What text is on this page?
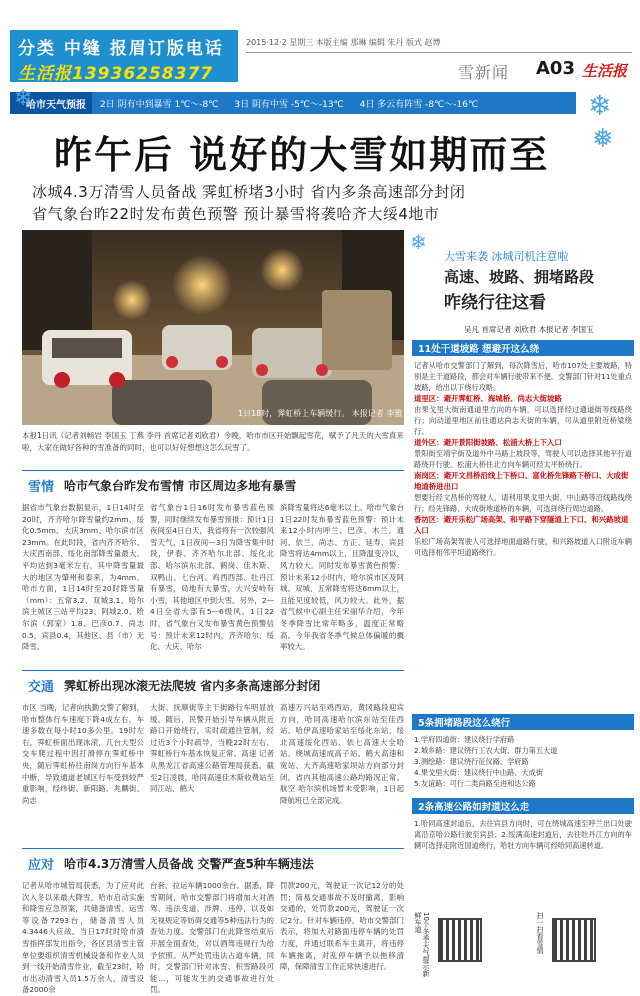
分类 中缝 报眉订版电话
生活报13936258377
2015·12·2 星期三 本版主编 那琳 编辑 朱丹 版式 赵博
雪新闻 A03 生活报
哈市天气预报	2日 阴有中到暴雪 1℃～-8℃	3日 阴有中雪 -5℃～-13℃	4日 多云有阵雪 -8℃～-16℃
❄	❄
❅
昨午后 说好的大雪如期而至
冰城4.3万清雪人员备战 霁虹桥堵3小时 省内多条高速部分封闭
省气象台昨22时发布黄色预警 预计暴雪将袭哈齐大绥4地市
1日18时，霁虹桥上车辆缓行。 本报记者 李雅 摄
本报1日讯（记者刘畅岩 李国玉 丁燕 李丹 首席记者刘欣君）今晚，哈市市区开始飘起雪花，赋予了凡天的大雪真来啦，大家在做好各种的雪准备的同时，也可以好好想想这怎么玩雪了。
雪情 哈市气象台昨发布雪情 市区周边多地有暴雪
据省市气象台数据显示，1日14时至20时，齐齐哈尔降雪量约2mm、绥化0.5mm、大庆3mm、哈尔滨市区23mm。在此时段，省内齐齐哈尔、大庆西南部、绥化南部降雪量最大。平均达到3毫米左右，其中降雪量最大的地区为肇州和泰来，为4mm。哈市方面，1日14时至20时降雪量（mm）：五常3.2、双城3.1、哈尔滨主城区三站平均23、阿城2.0、哈尔滨（郭家）1.8、巴彦0.7、尚志0.5，宾县0.4，其他区、县（市）无降雪。
省气象台1日16时发布暴雪蓝色预警，同时继续发布暴雪预报：预计1日夜间至4日白天，我省将有一次较强风雪天气，1日夜间—3日为降雪集中时段，伊春、齐齐哈尔北部、绥化北部、哈尔滨东北部、鹤岗、佳木斯、双鸭山、七台河、鸡西西部、牡丹江有暴雪，局地有大暴雪，大兴安岭有小雪，其他地区中到大雪。另外，2—4日全省大部有5—6级风。1日22时，省气象台又发布暴雪黄色预警信号：预计未来12时内，齐齐哈尔、绥化、大庆、哈尔
滨降雪量将达6毫米以上。哈市气象台1日22时发布暴雪蓝色预警：预计未来12小时内呼兰、巴彦、木兰、通河、依兰、尚志、方正、延寿、宾县降雪将达4mm以上，且降温变冷以，风力较大。同时发布暴雪黄色预警：预计未来12小时内，哈尔滨市区及阿城、双城、五常降雪将达6mm以上，且能见度较低，风力较大。此外，据省气候中心副主任宋丽华介绍，今年冬季降雪比常年略多，温度正常略高。今年我省冬季气候总体偏暖的概率较大。
交通 霁虹桥出现冰滚无法爬坡 省内多条高速部分封闭
市区 当晚，记者向执勤交警了解到，哈市整体行车速度下降4成左右，车速多数在每小时10多公里。19时左右，霁虹桥面出现冰滚，几台大型公交车爬过程中因打滑停在霁虹桥中央，随后霁虹桥往南岗方向行车基本中断，导致通道老城区行车受到较严重影响，经纬街、新阳路、兆麟街、尚志
大街、抚顺街等主干街路行车明显放缓。随后，民警开始引导车辆从附近路口开始绕行，实时疏通往管制，经过近3个小时疏导，当晚22时左右，霁虹桥行车基本恢复正常。高速 记者从黑龙江省高速公路管理局获悉，截至2日凌晨，哈同高速佳木斯收费站至同江站、鹤大
高速万兴站至鸡西站，黄冈路段迎宾方向，哈同高速哈尔滨东站至佳西站、哈伊高速哈家站至绥化东站、绥北高速绥化西站、依七高速大全哈站、绕城高速成高子站、鹤大高速和宽站、大齐高速哈家坝站方向部分封闭。省内其他高速公路均路况正常。航空 哈尔滨机场暂未受影响，1日起降航班已全部完成。
应对 哈市4.3万清雪人员备战 交警严查5种车辆违法
记者从哈市城管局获悉，为了应对此次入冬以来最大降雪，哈市启动实施和降雪应急预案，共储备清雪、运雪等设备7293台，储备清雪人员4.3446人应战。当日17时时哈市清雪指挥部发出指令，各区县清雪主管单位要组织清雪机械设备和作业人员到一线开始清雪作业，截至23时，哈市出动清雪人员1.5万余人，清雪设备2000余
台套，拉运车辆1000余台。据悉，降雪期间，哈市交警部门将增加大对酒驾、违法变道、涉牌、违停，以及如无视规定等妨碍交通等5种违法行为的查处力度。交警部门在此降雪结束后开展全面查处，对以酒驾违规行为给予依照。从严处罚违法占道车辆，同时，交警部门针对冰雪、积雪路段可能...，可能发生的交通事故进行处罚。
罚款200元，驾驶证一次记12分的处罚；简易交通事故不及时撤离，影响交通的，处罚款200元，驾驶证一次记2分。针对车辆违停，哈市交警部门表示，将加大对路面违停车辆的处罚力度，并通过联系车主离开，将违停车辆拖离，对乱停车辆予以拖移清障，保障清雪工作正常快速进行。
❄
大雪来袭 冰城司机注意啦
高速、坡路、拥堵路段
咋绕行往这看
吴凡 首席记者 刘欣君 本报记者 李国玉
11处干道坡路 想避开这么绕
记者从哈市交警部门了解到，每次降雪后，哈市107处主要坡路，特别是主干道路段，都会对车辆行驶带来不便。交警部门针对11处重点坡路，给出以下绕行攻略。
道里区：避开霁虹桥、海城桥、尚志大街坡路
由果戈里大街南通道里方向的车辆，可以选择经过通道街等线路绕行；向动道里地区前往通达尚志大街的车辆，可从道里附近桥梁绕行。
道外区：避开景阳街坡路、松浦大桥上下入口
景阳街至靖宇街及道外中马路上坡段等，驾驶人可以选择其他平行道路绕开行驶。松浦大桥往北方向车辆可经太平桥绕行。
南岗区：避开文昌桥沿线上下桥口、富化桥先锋路下桥口、大成街地道桥进出口
想要行经文昌桥的驾驶人，请利用果戈里大街、中山路等沿线路线绕行；经先锋路、大成街地道桥的车辆，可选择绕行周边道路。
香坊区：避开乐松广场高架、和平路下穿隧道上下口、和兴路坡道入口
乐松广场高架驾驶人可选择地面道路行驶，和兴路坡道入口附近车辆可选择相邻平坦道路绕行。
5条拥堵路段这么绕行
1.学府四道街：建议绕行学府路
2.城乡路：建议绕行工农大街、群力第五大道
3.测绘路：建议绕行征仪路、学府路
4.果戈里大街：建议绕行中山路、大成街
5.友谊路：可行二类尚路至进和达公路
2条高速公路如封道这么走
1.哈同高速封道后，去往宾县方向时，可在绕城高速至呼兰出口处驶离沿京哈公路行驶至宾县；2.绥满高速封道后，去往牡丹江方向的车辆可选择走附近国道绕行，哈牡方向车辆可经哈同高速转道。
10个冬季天气提示新鲜车道	扫一扫看雪情
